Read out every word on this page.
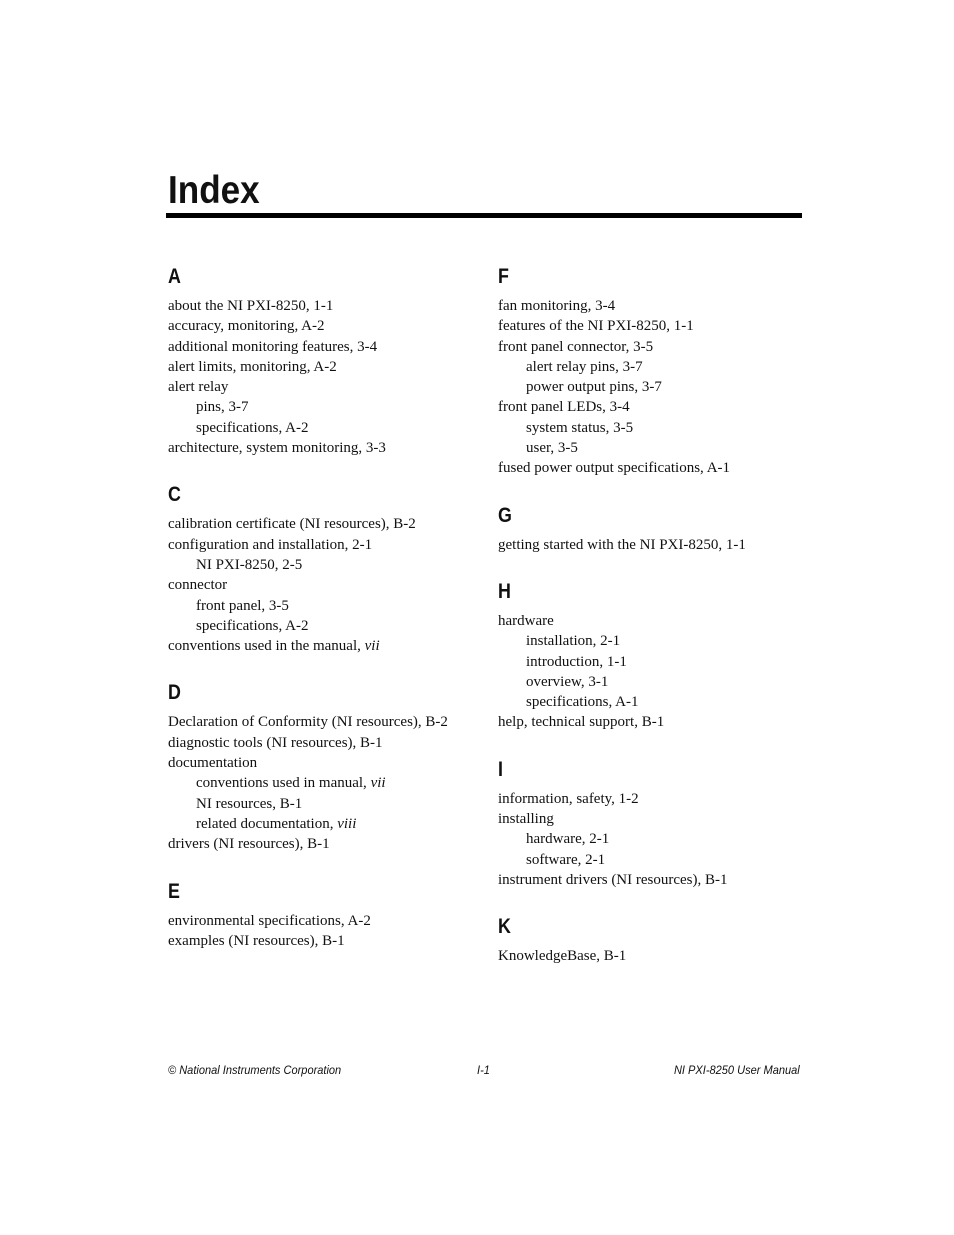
Index
A
about the NI PXI-8250, 1-1
accuracy, monitoring, A-2
additional monitoring features, 3-4
alert limits, monitoring, A-2
alert relay
pins, 3-7
specifications, A-2
architecture, system monitoring, 3-3
C
calibration certificate (NI resources), B-2
configuration and installation, 2-1
NI PXI-8250, 2-5
connector
front panel, 3-5
specifications, A-2
conventions used in the manual, vii
D
Declaration of Conformity (NI resources), B-2
diagnostic tools (NI resources), B-1
documentation
conventions used in manual, vii
NI resources, B-1
related documentation, viii
drivers (NI resources), B-1
E
environmental specifications, A-2
examples (NI resources), B-1
F
fan monitoring, 3-4
features of the NI PXI-8250, 1-1
front panel connector, 3-5
alert relay pins, 3-7
power output pins, 3-7
front panel LEDs, 3-4
system status, 3-5
user, 3-5
fused power output specifications, A-1
G
getting started with the NI PXI-8250, 1-1
H
hardware
installation, 2-1
introduction, 1-1
overview, 3-1
specifications, A-1
help, technical support, B-1
I
information, safety, 1-2
installing
hardware, 2-1
software, 2-1
instrument drivers (NI resources), B-1
K
KnowledgeBase, B-1
© National Instruments Corporation	I-1	NI PXI-8250 User Manual
